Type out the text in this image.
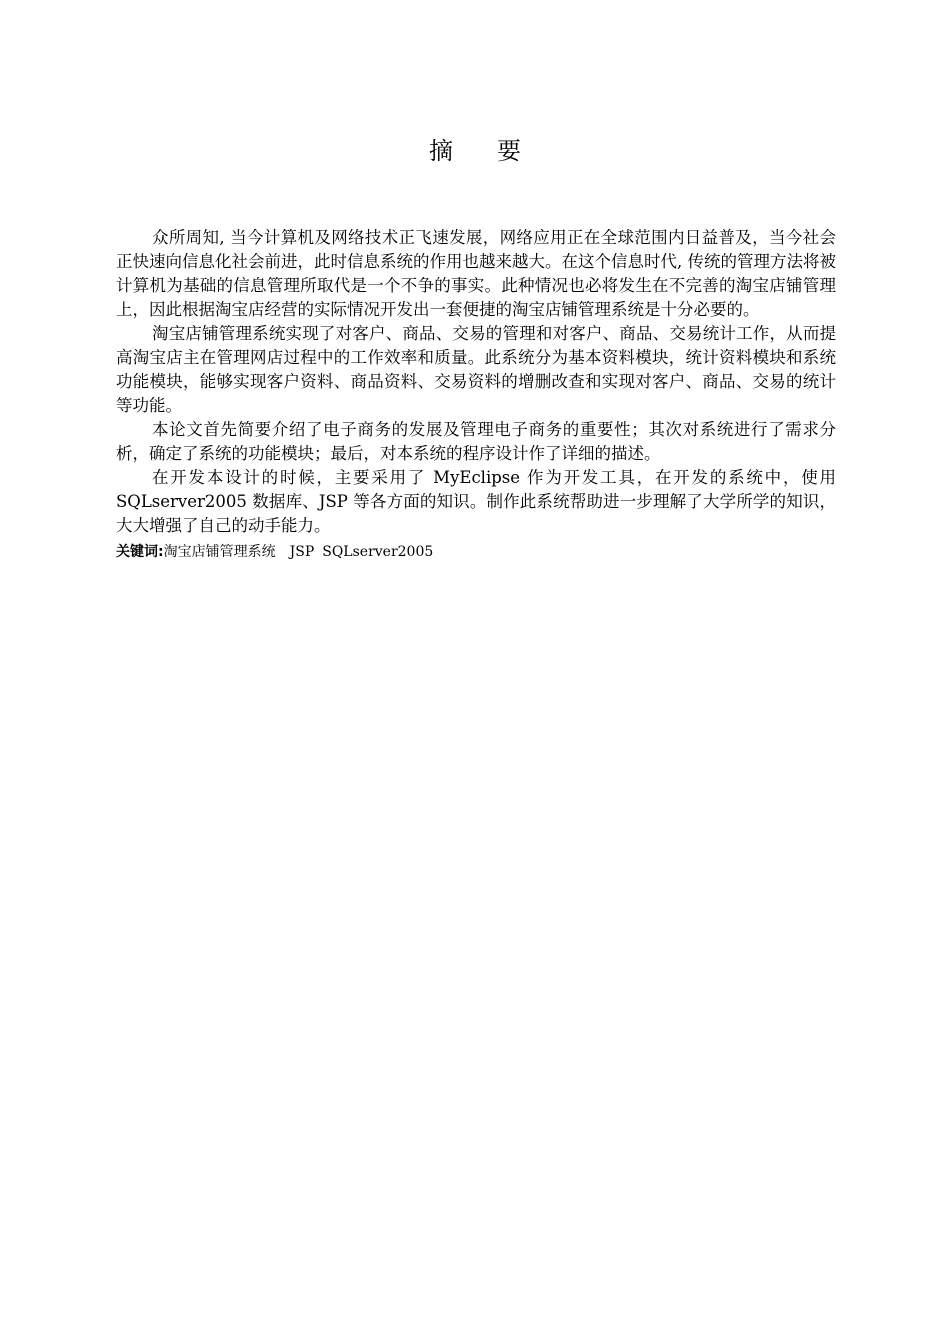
摘 要

众所周知, 当今计算机及网络技术正飞速发展，网络应用正在全球范围内日益普及，当今社会正快速向信息化社会前进，此时信息系统的作用也越来越大。在这个信息时代, 传统的管理方法将被计算机为基础的信息管理所取代是一个不争的事实。此种情况也必将发生在不完善的淘宝店铺管理上，因此根据淘宝店经营的实际情况开发出一套便捷的淘宝店铺管理系统是十分必要的。

淘宝店铺管理系统实现了对客户、商品、交易的管理和对客户、商品、交易统计工作，从而提高淘宝店主在管理网店过程中的工作效率和质量。此系统分为基本资料模块，统计资料模块和系统功能模块，能够实现客户资料、商品资料、交易资料的增删改查和实现对客户、商品、交易的统计等功能。

本论文首先简要介绍了电子商务的发展及管理电子商务的重要性；其次对系统进行了需求分析，确定了系统的功能模块；最后，对本系统的程序设计作了详细的描述。

在开发本设计的时候，主要采用了 MyEclipse 作为开发工具，在开发的系统中，使用 SQLserver2005 数据库、JSP 等各方面的知识。制作此系统帮助进一步理解了大学所学的知识，大大增强了自己的动手能力。

关键词:淘宝店铺管理系统 JSP SQLserver2005
